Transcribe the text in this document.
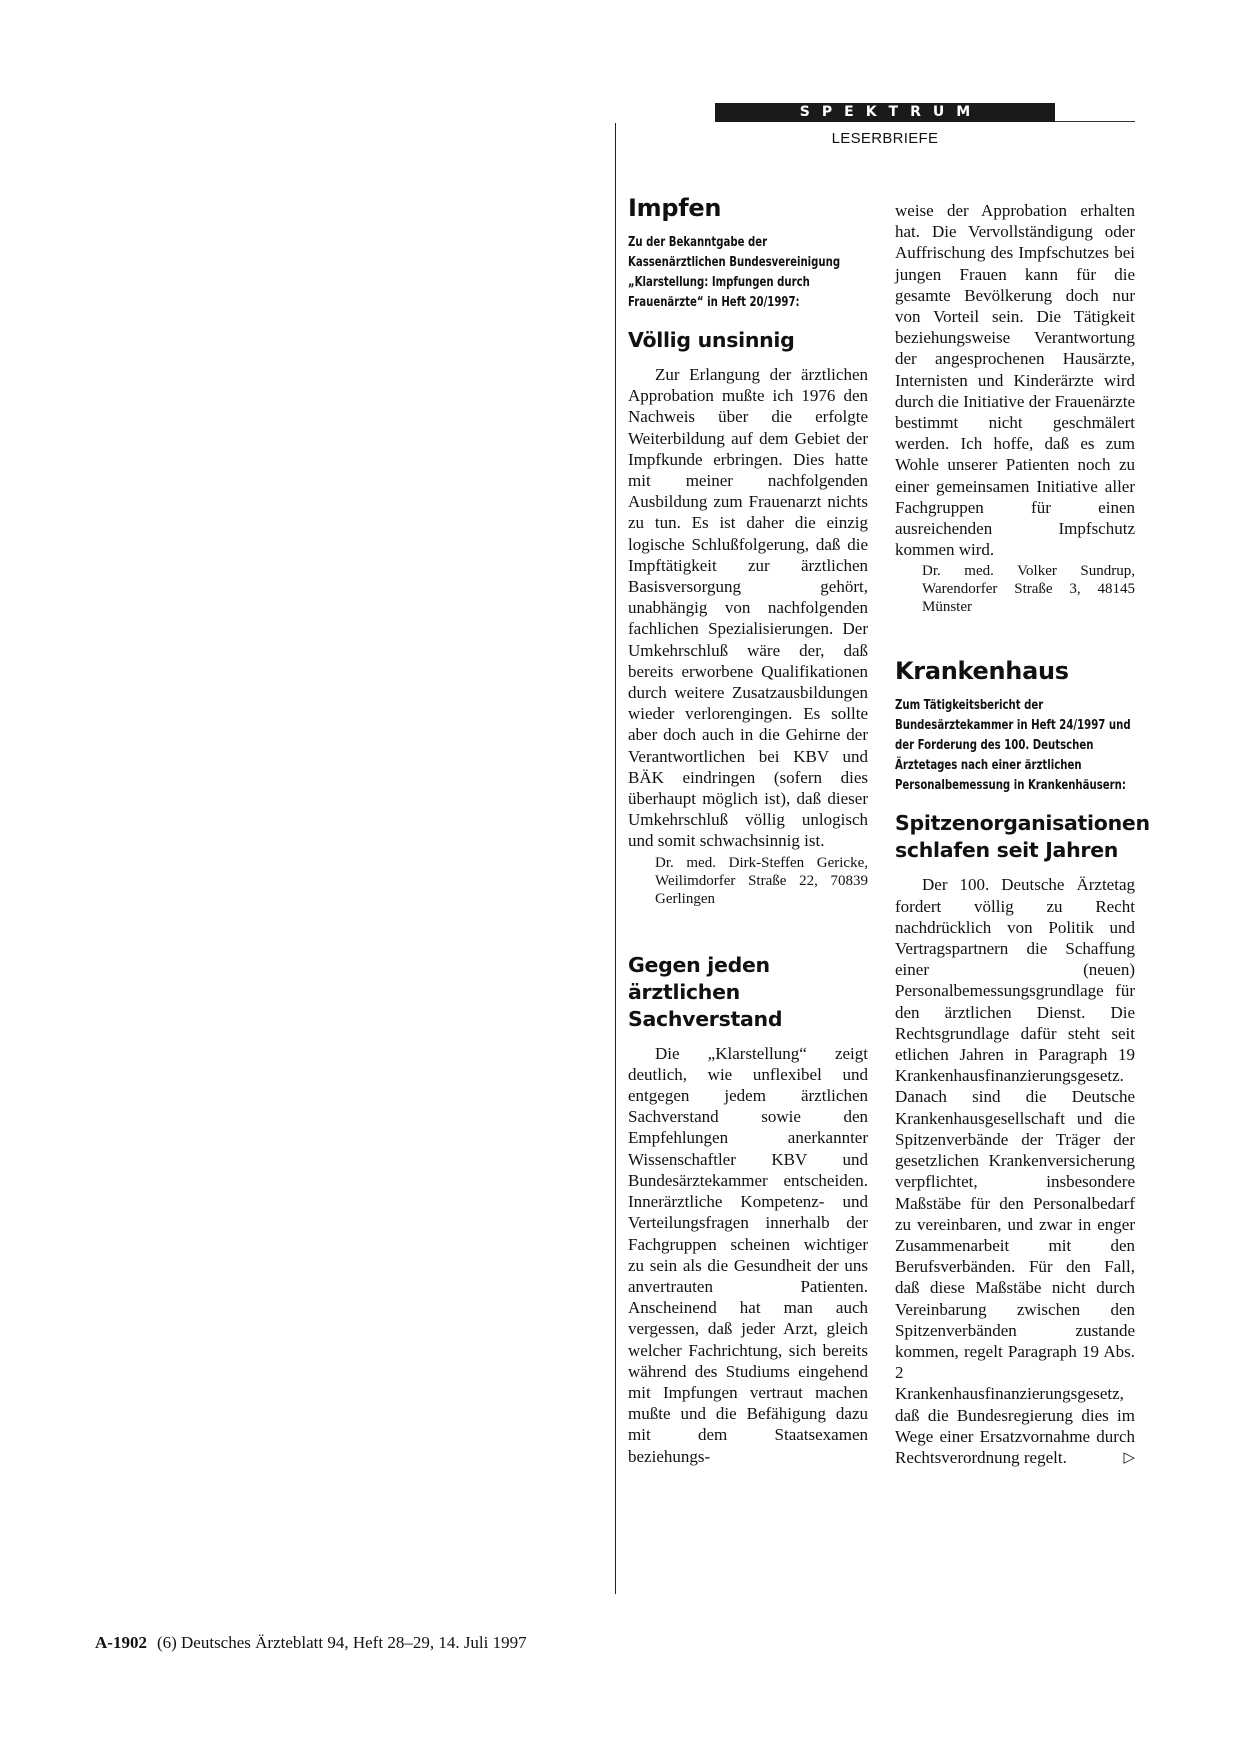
SPEKTRUM
LESERBRIEFE
Impfen
Zu der Bekanntgabe der Kassenärztlichen Bundesvereinigung „Klarstellung: Impfungen durch Frauenärzte“ in Heft 20/1997:
Völlig unsinnig

Zur Erlangung der ärztlichen Approbation mußte ich 1976 den Nachweis über die erfolgte Weiterbildung auf dem Gebiet der Impfkunde erbringen. Dies hatte mit meiner nachfolgenden Ausbildung zum Frauenarzt nichts zu tun. Es ist daher die einzig logische Schlußfolgerung, daß die Impftätigkeit zur ärztlichen Basisversorgung gehört, unabhängig von nachfolgenden fachlichen Spezialisierungen. Der Umkehrschluß wäre der, daß bereits erworbene Qualifikationen durch weitere Zusatzausbildungen wieder verlorengingen. Es sollte aber doch auch in die Gehirne der Verantwortlichen bei KBV und BÄK eindringen (sofern dies überhaupt möglich ist), daß dieser Umkehrschluß völlig unlogisch und somit schwachsinnig ist.

Dr. med. Dirk-Steffen Gericke, Weilimdorfer Straße 22, 70839 Gerlingen
Gegen jeden ärztlichen Sachverstand

Die „Klarstellung“ zeigt deutlich, wie unflexibel und entgegen jedem ärztlichen Sachverstand sowie den Empfehlungen anerkannter Wissenschaftler KBV und Bundesärztekammer entscheiden. Innerärztliche Kompetenz- und Verteilungsfragen innerhalb der Fachgruppen scheinen wichtiger zu sein als die Gesundheit der uns anvertrauten Patienten. Anscheinend hat man auch vergessen, daß jeder Arzt, gleich welcher Fachrichtung, sich bereits während des Studiums eingehend mit Impfungen vertraut machen mußte und die Befähigung dazu mit dem Staatsexamen beziehungs-

weise der Approbation erhalten hat. Die Vervollständigung oder Auffrischung des Impfschutzes bei jungen Frauen kann für die gesamte Bevölkerung doch nur von Vorteil sein. Die Tätigkeit beziehungsweise Verantwortung der angesprochenen Hausärzte, Internisten und Kinderärzte wird durch die Initiative der Frauenärzte bestimmt nicht geschmälert werden. Ich hoffe, daß es zum Wohle unserer Patienten noch zu einer gemeinsamen Initiative aller Fachgruppen für einen ausreichenden Impfschutz kommen wird.

Dr. med. Volker Sundrup, Warendorfer Straße 3, 48145 Münster
Krankenhaus
Zum Tätigkeitsbericht der Bundesärztekammer in Heft 24/1997 und der Forderung des 100. Deutschen Ärztetages nach einer ärztlichen Personalbemessung in Krankenhäusern:
Spitzenorganisationen schlafen seit Jahren

Der 100. Deutsche Ärztetag fordert völlig zu Recht nachdrücklich von Politik und Vertragspartnern die Schaffung einer (neuen) Personalbemessungsgrundlage für den ärztlichen Dienst. Die Rechtsgrundlage dafür steht seit etlichen Jahren in Paragraph 19 Krankenhausfinanzierungsgesetz. Danach sind die Deutsche Krankenhausgesellschaft und die Spitzenverbände der Träger der gesetzlichen Krankenversicherung verpflichtet, insbesondere Maßstäbe für den Personalbedarf zu vereinbaren, und zwar in enger Zusammenarbeit mit den Berufsverbänden. Für den Fall, daß diese Maßstäbe nicht durch Vereinbarung zwischen den Spitzenverbänden zustande kommen, regelt Paragraph 19 Abs. 2 Krankenhausfinanzierungsgesetz, daß die Bundesregierung dies im Wege einer Ersatzvornahme durch Rechtsverordnung regelt.	▷

A-1902 (6) Deutsches Ärzteblatt 94, Heft 28–29, 14. Juli 1997
